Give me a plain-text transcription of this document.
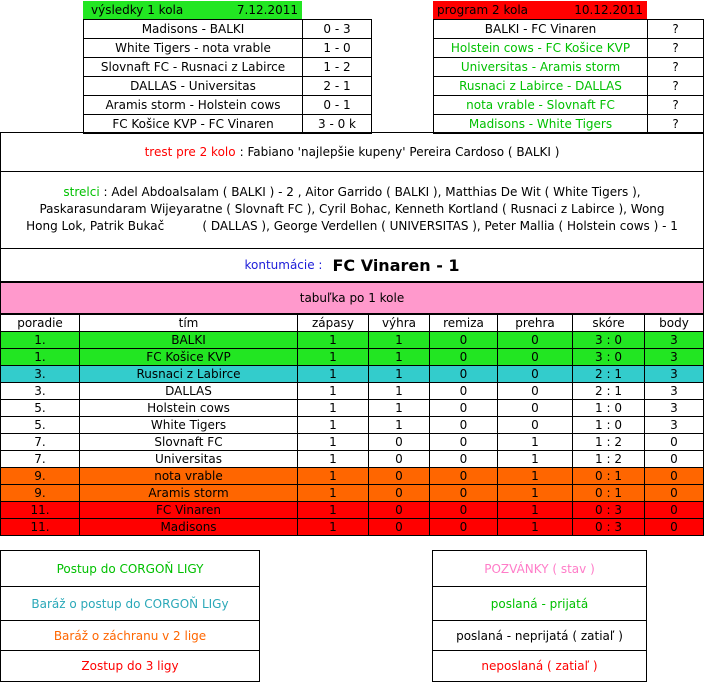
výsledky 1 kola	7.12.2011	program 2 kola	10.12.2011
Madisons - BALKI	0 - 3
White Tigers - nota vrable	1 - 0
Slovnaft FC - Rusnaci z Labirce	1 - 2
DALLAS - Universitas	2 - 1
Aramis storm - Holstein cows	0 - 1
FC Košice KVP - FC Vinaren	3 - 0 k
BALKI - FC Vinaren	?
Holstein cows - FC Košice KVP	?
Universitas - Aramis storm	?
Rusnaci z Labirce - DALLAS	?
nota vrable - Slovnaft FC	?
Madisons - White Tigers	?
trest pre 2 kolo : Fabiano 'najlepšie kupeny' Pereira Cardoso ( BALKI )
strelci : Adel Abdoalsalam ( BALKI ) - 2 , Aitor Garrido ( BALKI ), Matthias De Wit ( White Tigers ),
Paskarasundaram Wijeyaratne ( Slovnaft FC ), Cyril Bohac, Kenneth Kortland ( Rusnaci z Labirce ), Wong
Hong Lok, Patrik Bukač          ( DALLAS ), George Verdellen ( UNIVERSITAS ), Peter Mallia ( Holstein cows ) - 1
kontumácie : FC Vinaren - 1
tabuľka po 1 kole
poradie	tím	zápasy	výhra	remiza	prehra	skóre	body
1.	BALKI	1	1	0	0	3 : 0	3
1.	FC Košice KVP	1	1	0	0	3 : 0	3
3.	Rusnaci z Labirce	1	1	0	0	2 : 1	3
3.	DALLAS	1	1	0	0	2 : 1	3
5.	Holstein cows	1	1	0	0	1 : 0	3
5.	White Tigers	1	1	0	0	1 : 0	3
7.	Slovnaft FC	1	0	0	1	1 : 2	0
7.	Universitas	1	0	0	1	1 : 2	0
9.	nota vrable	1	0	0	1	0 : 1	0
9.	Aramis storm	1	0	0	1	0 : 1	0
11.	FC Vinaren	1	0	0	1	0 : 3	0
11.	Madisons	1	0	0	1	0 : 3	0
Postup do CORGOŇ LIGY
Baráž o postup do CORGOŇ LIGy
Baráž o záchranu v 2 lige
Zostup do 3 ligy
POZVÁNKY ( stav )
poslaná - prijatá
poslaná - neprijatá ( zatiaľ )
neposlaná ( zatiaľ )
